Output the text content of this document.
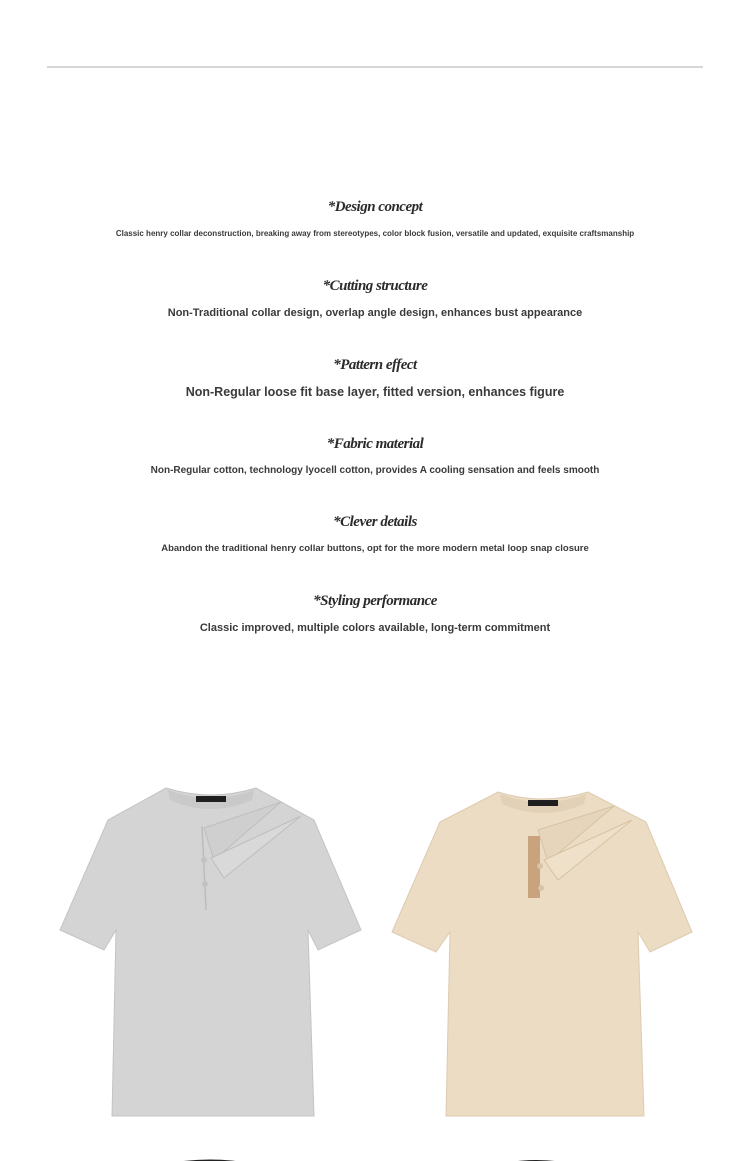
*Design concept
Classic henry collar deconstruction, breaking away from stereotypes, color block fusion, versatile and updated, exquisite craftsmanship
*Cutting structure
Non-Traditional collar design, overlap angle design, enhances bust appearance
*Pattern effect
Non-Regular loose fit base layer, fitted version, enhances figure
*Fabric material
Non-Regular cotton, technology lyocell cotton, provides A cooling sensation and feels smooth
*Clever details
Abandon the traditional henry collar buttons, opt for the more modern metal loop snap closure
*Styling performance
Classic improved, multiple colors available, long-term commitment
